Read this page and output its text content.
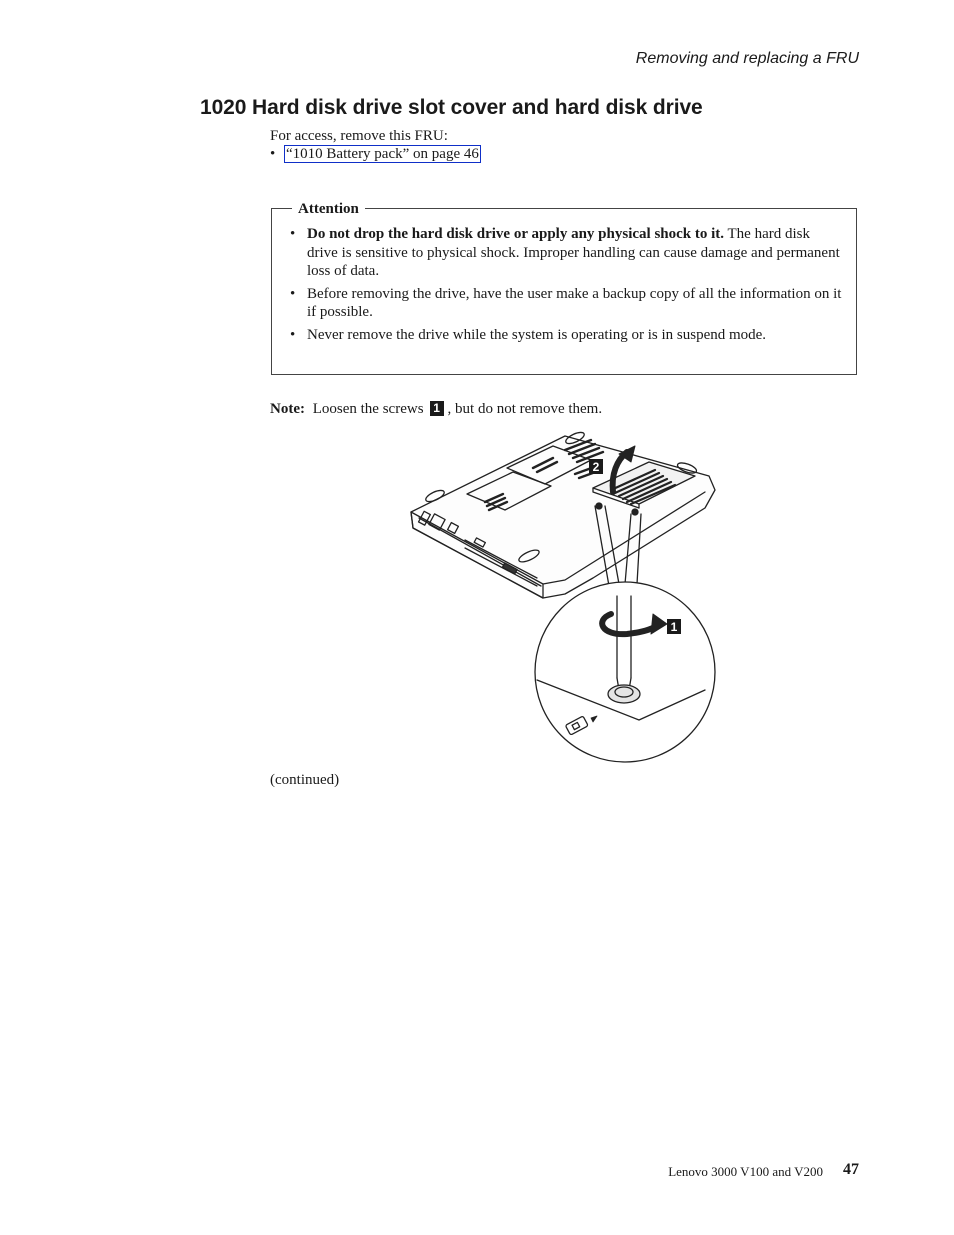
Removing and replacing a FRU
1020 Hard disk drive slot cover and hard disk drive
For access, remove this FRU:
• “1010 Battery pack” on page 46
Attention
• Do not drop the hard disk drive or apply any physical shock to it. The hard disk drive is sensitive to physical shock. Improper handling can cause damage and permanent loss of data.
• Before removing the drive, have the user make a backup copy of all the information on it if possible.
• Never remove the drive while the system is operating or is in suspend mode.
Note: Loosen the screws 1 , but do not remove them.
2
1
(continued)
Lenovo 3000 V100 and V200 47
